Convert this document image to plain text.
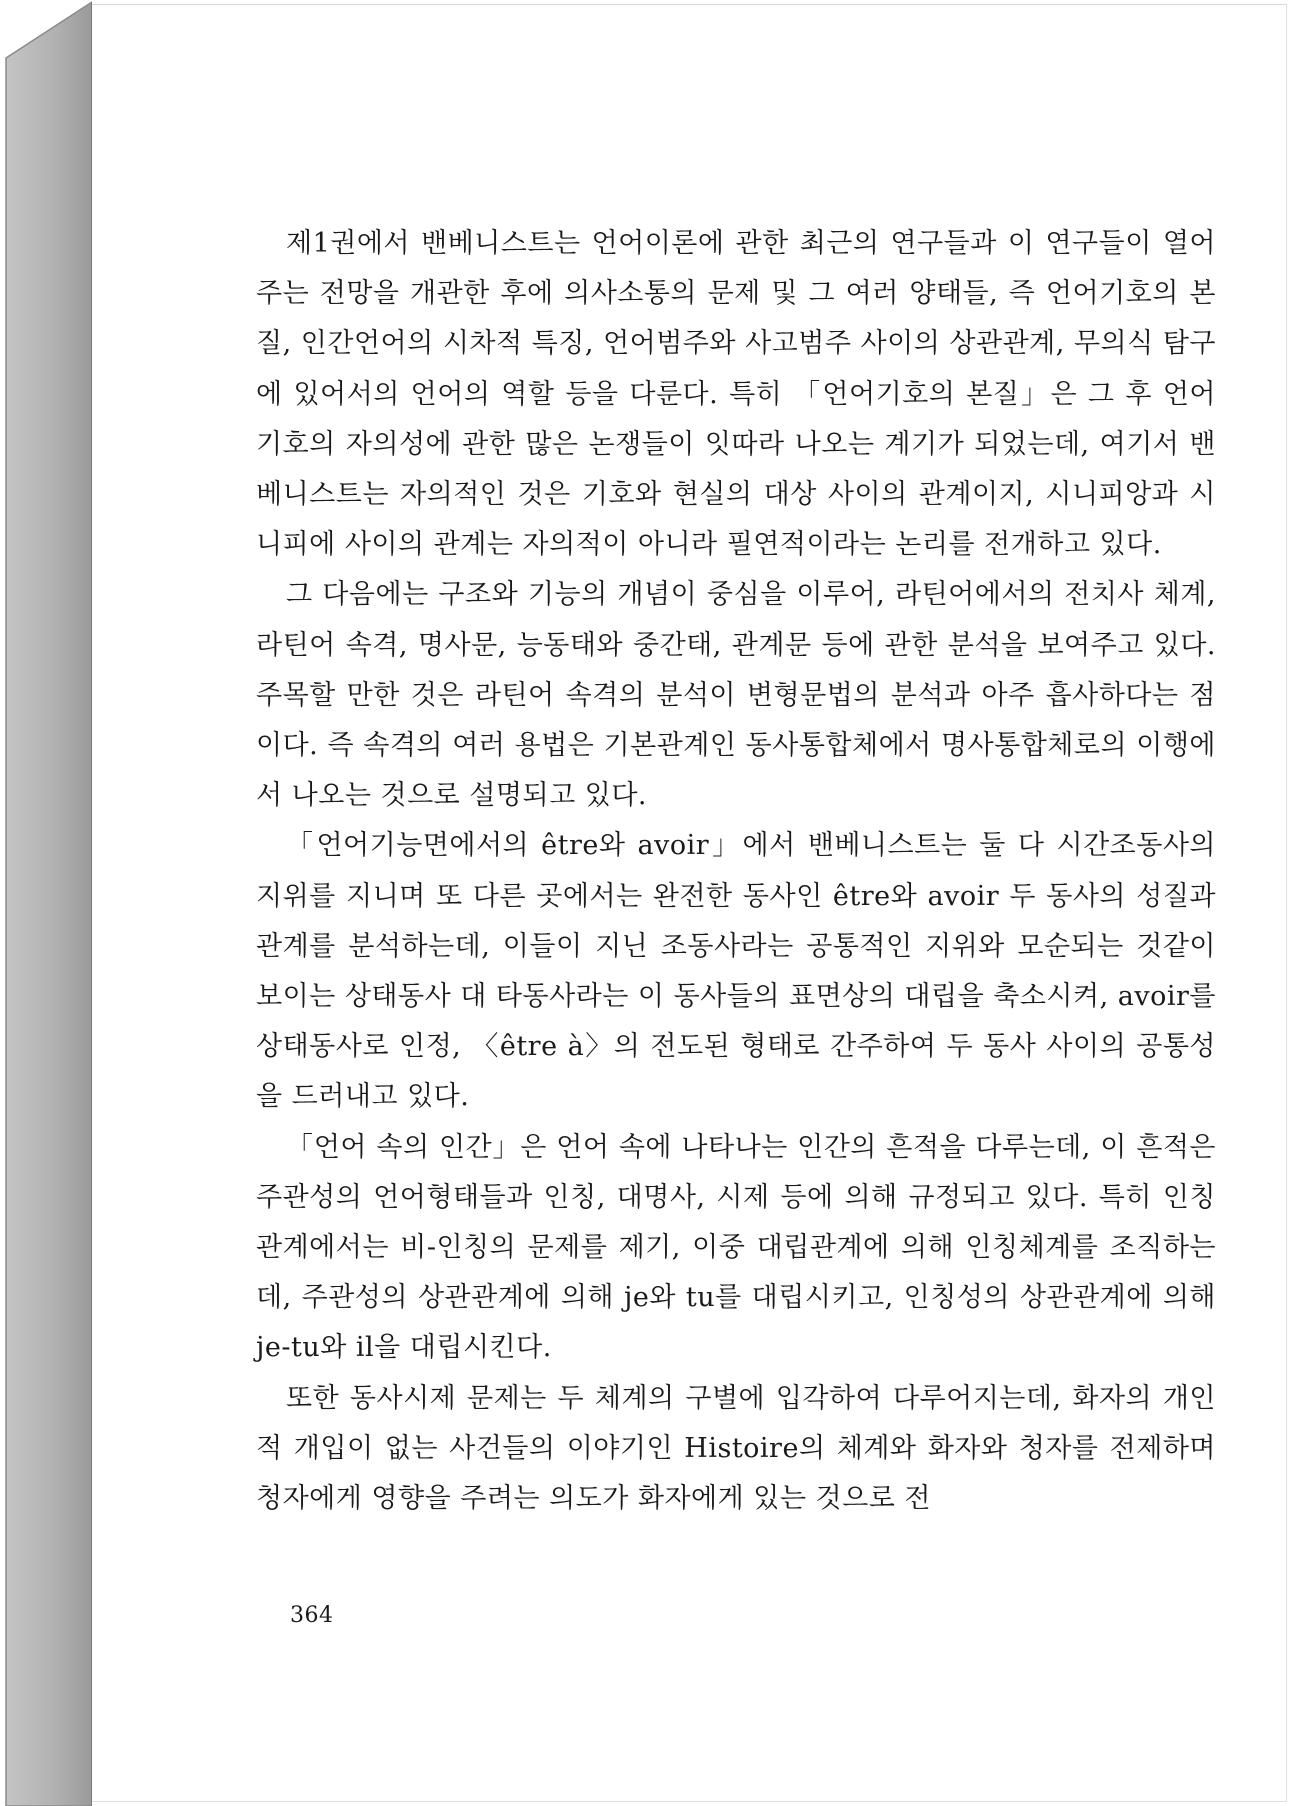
제1권에서 밴베니스트는 언어이론에 관한 최근의 연구들과 이 연구들이 열어주는 전망을 개관한 후에 의사소통의 문제 및 그 여러 양태들, 즉 언어기호의 본질, 인간언어의 시차적 특징, 언어범주와 사고범주 사이의 상관관계, 무의식 탐구에 있어서의 언어의 역할 등을 다룬다. 특히 「언어기호의 본질」은 그 후 언어기호의 자의성에 관한 많은 논쟁들이 잇따라 나오는 계기가 되었는데, 여기서 밴베니스트는 자의적인 것은 기호와 현실의 대상 사이의 관계이지, 시니피앙과 시니피에 사이의 관계는 자의적이 아니라 필연적이라는 논리를 전개하고 있다.

그 다음에는 구조와 기능의 개념이 중심을 이루어, 라틴어에서의 전치사 체계, 라틴어 속격, 명사문, 능동태와 중간태, 관계문 등에 관한 분석을 보여주고 있다. 주목할 만한 것은 라틴어 속격의 분석이 변형문법의 분석과 아주 흡사하다는 점이다. 즉 속격의 여러 용법은 기본관계인 동사통합체에서 명사통합체로의 이행에서 나오는 것으로 설명되고 있다.

「언어기능면에서의 être와 avoir」에서 밴베니스트는 둘 다 시간조동사의 지위를 지니며 또 다른 곳에서는 완전한 동사인 être와 avoir 두 동사의 성질과 관계를 분석하는데, 이들이 지닌 조동사라는 공통적인 지위와 모순되는 것같이 보이는 상태동사 대 타동사라는 이 동사들의 표면상의 대립을 축소시켜, avoir를 상태동사로 인정, 〈être à〉의 전도된 형태로 간주하여 두 동사 사이의 공통성을 드러내고 있다.

「언어 속의 인간」은 언어 속에 나타나는 인간의 흔적을 다루는데, 이 흔적은 주관성의 언어형태들과 인칭, 대명사, 시제 등에 의해 규정되고 있다. 특히 인칭관계에서는 비-인칭의 문제를 제기, 이중 대립관계에 의해 인칭체계를 조직하는데, 주관성의 상관관계에 의해 je와 tu를 대립시키고, 인칭성의 상관관계에 의해 je-tu와 il을 대립시킨다.

또한 동사시제 문제는 두 체계의 구별에 입각하여 다루어지는데, 화자의 개인적 개입이 없는 사건들의 이야기인 Histoire의 체계와 화자와 청자를 전제하며 청자에게 영향을 주려는 의도가 화자에게 있는 것으로 전

364
